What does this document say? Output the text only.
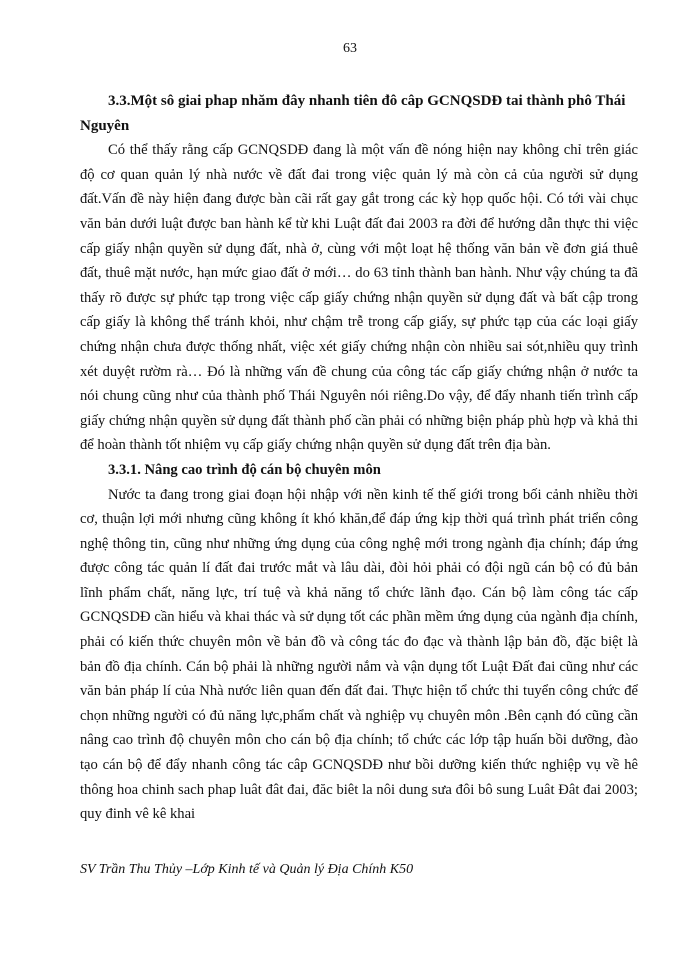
63
3.3.Một sô giai phap nhăm đây nhanh tiên đô câp GCNQSDĐ tai thành phô Thái Nguyên

Có thể thấy rằng cấp GCNQSDĐ đang là một vấn đề nóng hiện nay không chỉ trên giác độ cơ quan quản lý nhà nước về đất đai trong việc quản lý mà còn cả của người sử dụng đất.Vấn đề này hiện đang được bàn cãi rất gay gắt trong các kỳ họp quốc hội. Có tới vài chục văn bản dưới luật được ban hành kể từ khi Luật đất đai 2003 ra đời để hướng dẫn thực thi việc cấp giấy nhận quyền sử dụng đất, nhà ở, cùng với một loạt hệ thống văn bản về đơn giá thuê đất, thuê mặt nước, hạn mức giao đất ở mới… do 63 tỉnh thành ban hành. Như vậy chúng ta đã thấy rõ được sự phức tạp trong việc cấp giấy chứng nhận quyền sử dụng đất và bất cập trong cấp giấy là không thể tránh khỏi, như chậm trễ trong cấp giấy, sự phức tạp của các loại giấy chứng nhận chưa được thống nhất, việc xét giấy chứng nhận còn nhiều sai sót,nhiều quy trình xét duyệt rườm rà… Đó là những vấn đề chung của công tác cấp giấy chứng nhận ở nước ta nói chung cũng như của thành phố Thái Nguyên nói riêng.Do vậy, để đẩy nhanh tiến trình cấp giấy chứng nhận quyền sử dụng đất thành phố cần phải có những biện pháp phù hợp và khả thi để hoàn thành tốt nhiệm vụ cấp giấy chứng nhận quyền sử dụng đất trên địa bàn.

3.3.1. Nâng cao trình độ cán bộ chuyên môn

Nước ta đang trong giai đoạn hội nhập với nền kinh tế thế giới trong bối cảnh nhiều thời cơ, thuận lợi mới nhưng cũng không ít khó khăn,để đáp ứng kịp thời quá trình phát triển công nghệ thông tin, cũng như những ứng dụng của công nghệ mới trong ngành địa chính; đáp ứng được công tác quản lí đất đai trước mắt và lâu dài, đòi hỏi phải có đội ngũ cán bộ có đủ bản lĩnh phẩm chất, năng lực, trí tuệ và khả năng tổ chức lãnh đạo. Cán bộ làm công tác cấp GCNQSDĐ cần hiểu và khai thác và sử dụng tốt các phần mềm ứng dụng của ngành địa chính, phải có kiến thức chuyên môn về bản đồ và công tác đo đạc và thành lập bản đồ, đặc biệt là bản đồ địa chính. Cán bộ phải là những người nắm và vận dụng tốt Luật Đất đai cũng như các văn bản pháp lí của Nhà nước liên quan đến đất đai. Thực hiện tổ chức thi tuyển công chức để chọn những người có đủ năng lực,phẩm chất và nghiệp vụ chuyên môn .Bên cạnh đó cũng cần nâng cao trình độ chuyên môn cho cán bộ địa chính; tổ chức các lớp tập huấn bồi dưỡng, đào tạo cán bộ để đẩy nhanh công tác câp GCNQSDĐ như bồi dưỡng kiến thức nghiệp vụ về hê thông hoa chinh sach phap luât đât đai, đăc biêt la nôi dung sưa đôi bô sung Luât Đât đai 2003; quy đinh vê kê khai

SV Trần Thu Thủy –Lớp Kinh tế và Quản lý Địa Chính K50
